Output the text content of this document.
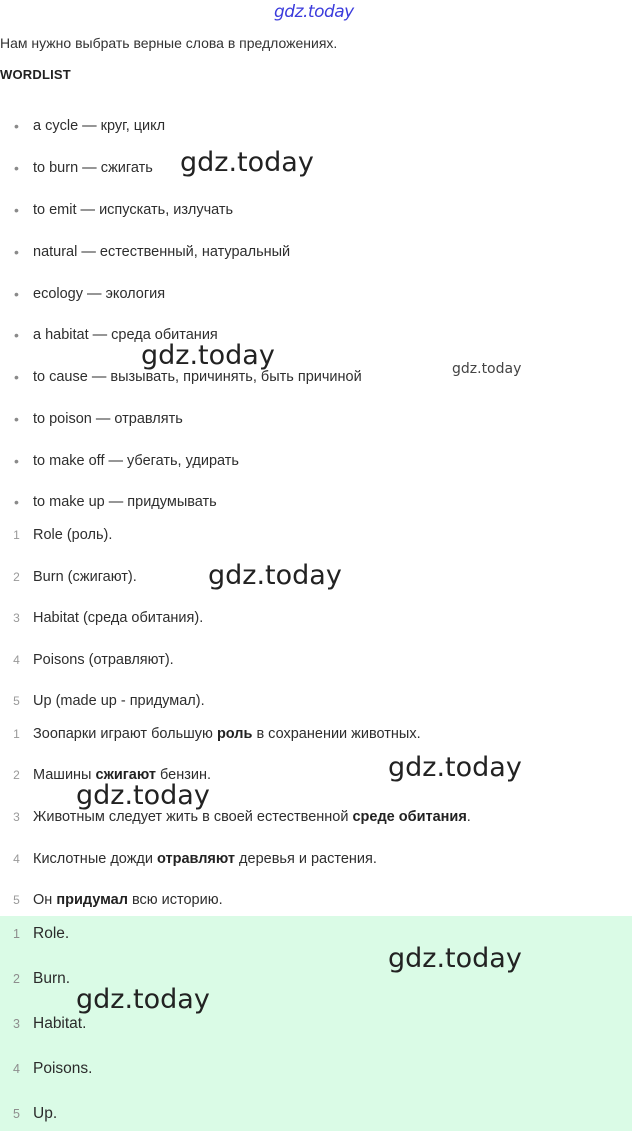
gdz.today
Нам нужно выбрать верные слова в предложениях.
WORDLIST
• a cycle — круг, цикл
• to burn — сжигать
• to emit — испускать, излучать
• natural — естественный, натуральный
• ecology — экология
• a habitat — среда обитания
• to cause — вызывать, причинять, быть причиной
• to poison — отравлять
• to make off — убегать, удирать
• to make up — придумывать
1 Role (роль).
2 Burn (сжигают).
3 Habitat (среда обитания).
4 Poisons (отравляют).
5 Up (made up - придумал).
1 Зоопарки играют большую роль в сохранении животных.
2 Машины сжигают бензин.
3 Животным следует жить в своей естественной среде обитания.
4 Кислотные дожди отравляют деревья и растения.
5 Он придумал всю историю.
1 Role.
2 Burn.
3 Habitat.
4 Poisons.
5 Up.
gdz.today
gdz.today	gdz.today
gdz.today
gdz.today
gdz.today
gdz.today
gdz.today
